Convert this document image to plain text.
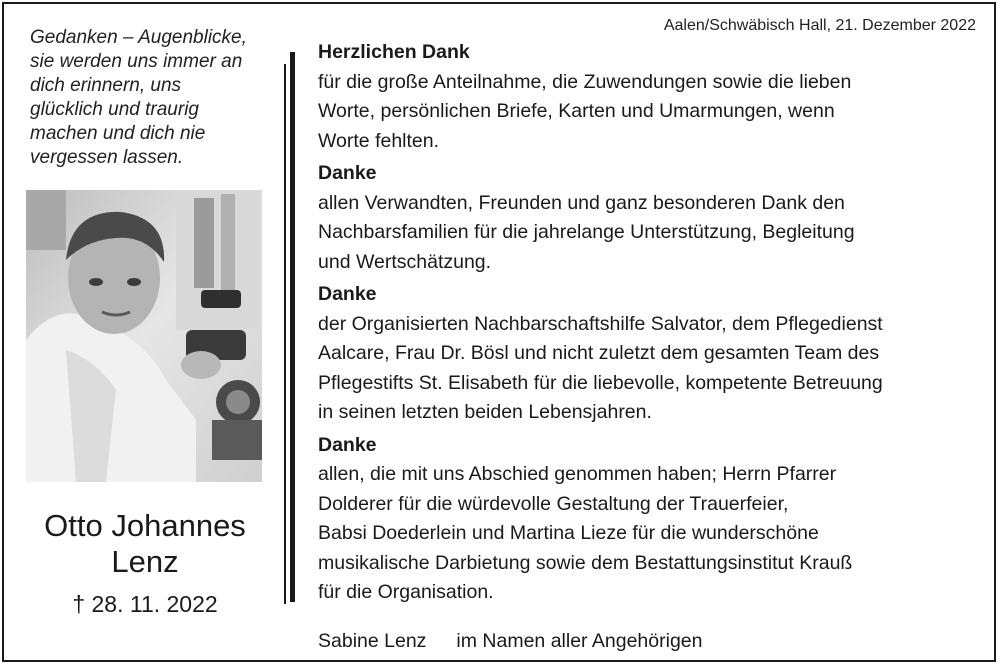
Gedanken – Augenblicke,
sie werden uns immer an
dich erinnern, uns
glücklich und traurig
machen und dich nie
vergessen lassen.
Otto Johannes
Lenz
† 28. 11. 2022
Aalen/Schwäbisch Hall, 21. Dezember 2022
Herzlichen Dank
für die große Anteilnahme, die Zuwendungen sowie die lieben
Worte, persönlichen Briefe, Karten und Umarmungen, wenn
Worte fehlten.
Danke
allen Verwandten, Freunden und ganz besonderen Dank den
Nachbarsfamilien für die jahrelange Unterstützung, Begleitung
und Wertschätzung.
Danke
der Organisierten Nachbarschaftshilfe Salvator, dem Pflegedienst
Aalcare, Frau Dr. Bösl und nicht zuletzt dem gesamten Team des
Pflegestifts St. Elisabeth für die liebevolle, kompetente Betreuung
in seinen letzten beiden Lebensjahren.
Danke
allen, die mit uns Abschied genommen haben; Herrn Pfarrer
Dolderer für die würdevolle Gestaltung der Trauerfeier,
Babsi Doederlein und Martina Lieze für die wunderschöne
musikalische Darbietung sowie dem Bestattungsinstitut Krauß
für die Organisation.
Sabine Lenz im Namen aller Angehörigen
